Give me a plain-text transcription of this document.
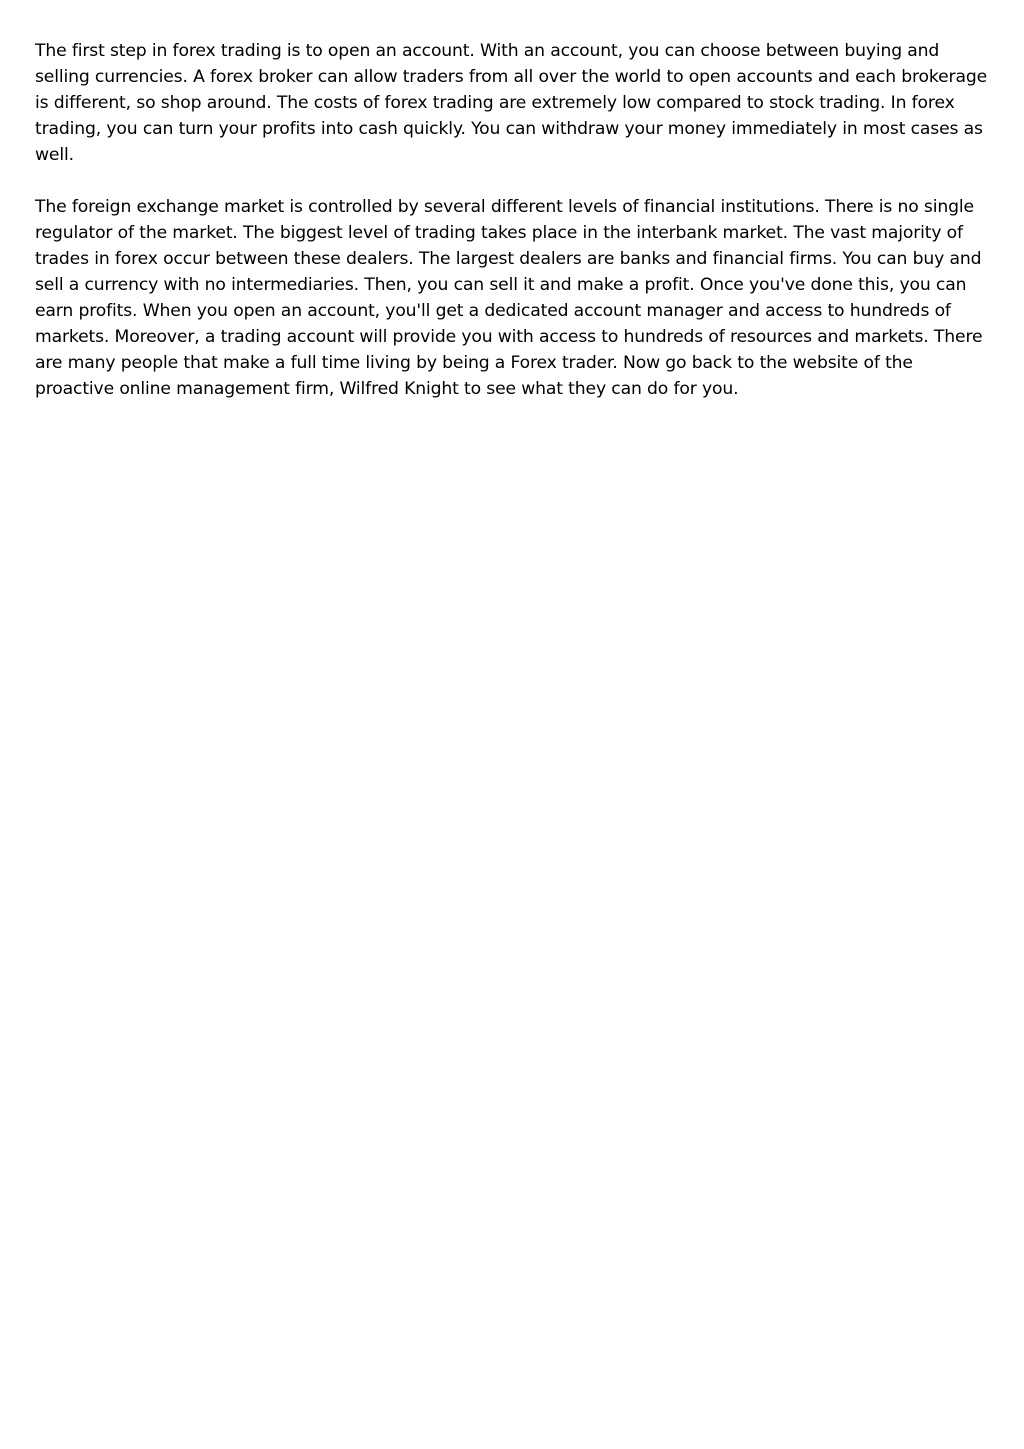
The first step in forex trading is to open an account. With an account, you can choose between buying and selling currencies. A forex broker can allow traders from all over the world to open accounts and each brokerage is different, so shop around. The costs of forex trading are extremely low compared to stock trading. In forex trading, you can turn your profits into cash quickly. You can withdraw your money immediately in most cases as well.

The foreign exchange market is controlled by several different levels of financial institutions. There is no single regulator of the market. The biggest level of trading takes place in the interbank market. The vast majority of trades in forex occur between these dealers. The largest dealers are banks and financial firms. You can buy and sell a currency with no intermediaries. Then, you can sell it and make a profit. Once you've done this, you can earn profits. When you open an account, you'll get a dedicated account manager and access to hundreds of markets. Moreover, a trading account will provide you with access to hundreds of resources and markets. There are many people that make a full time living by being a Forex trader. Now go back to the website of the proactive online management firm, Wilfred Knight to see what they can do for you.
